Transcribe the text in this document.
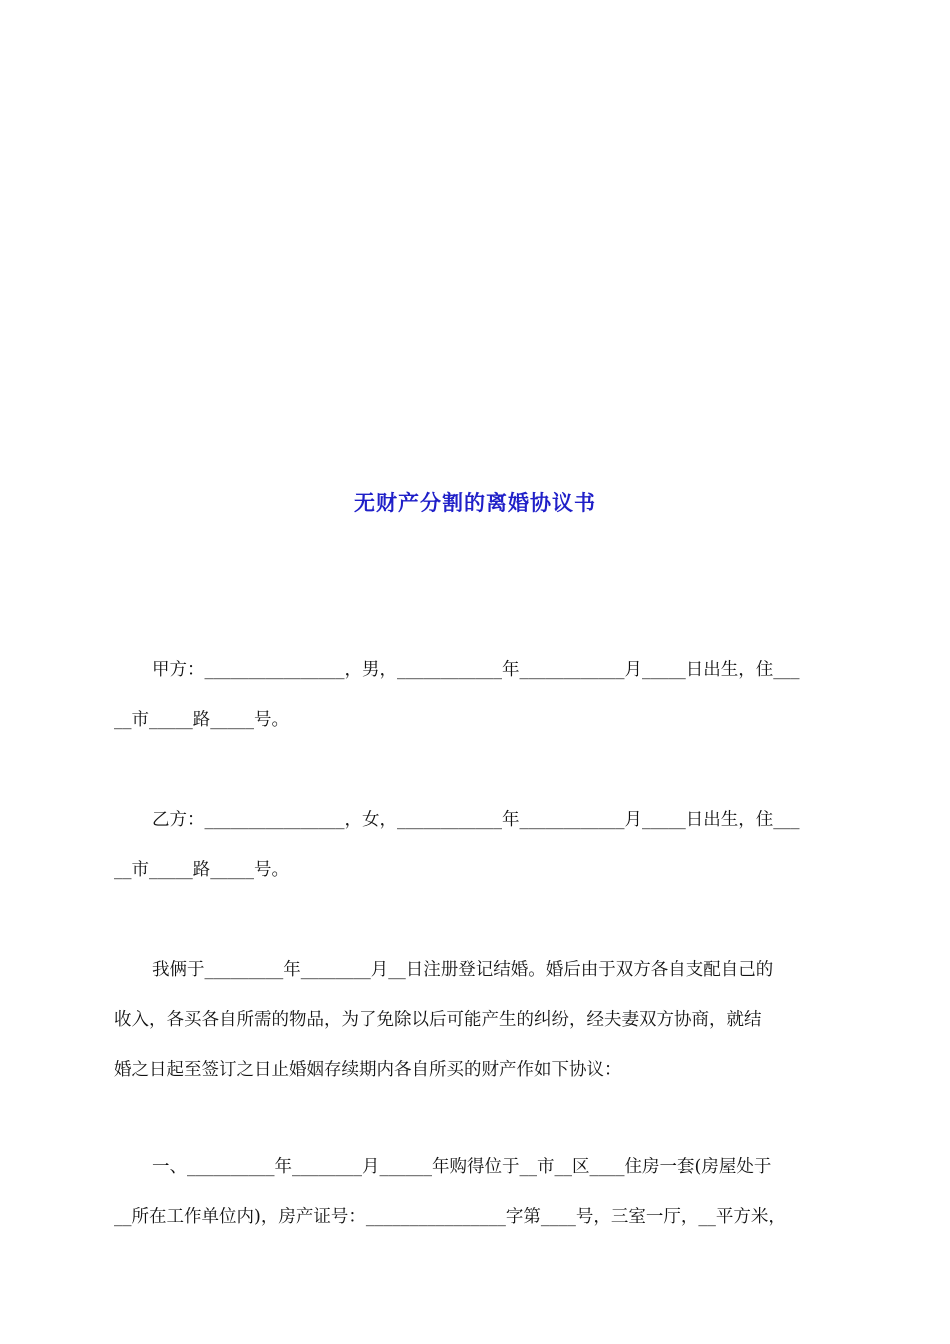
无财产分割的离婚协议书
甲方：________________，男，____________年____________月_____日出生，住___
__市_____路_____号。
乙方：________________，女，____________年____________月_____日出生，住___
__市_____路_____号。
我俩于_________年________月__日注册登记结婚。婚后由于双方各自支配自己的
收入，各买各自所需的物品，为了免除以后可能产生的纠纷，经夫妻双方协商，就结
婚之日起至签订之日止婚姻存续期内各自所买的财产作如下协议：
一、__________年________月______年购得位于__市__区____住房一套(房屋处于
__所在工作单位内)，房产证号：________________字第____号，三室一厅，__平方米，
